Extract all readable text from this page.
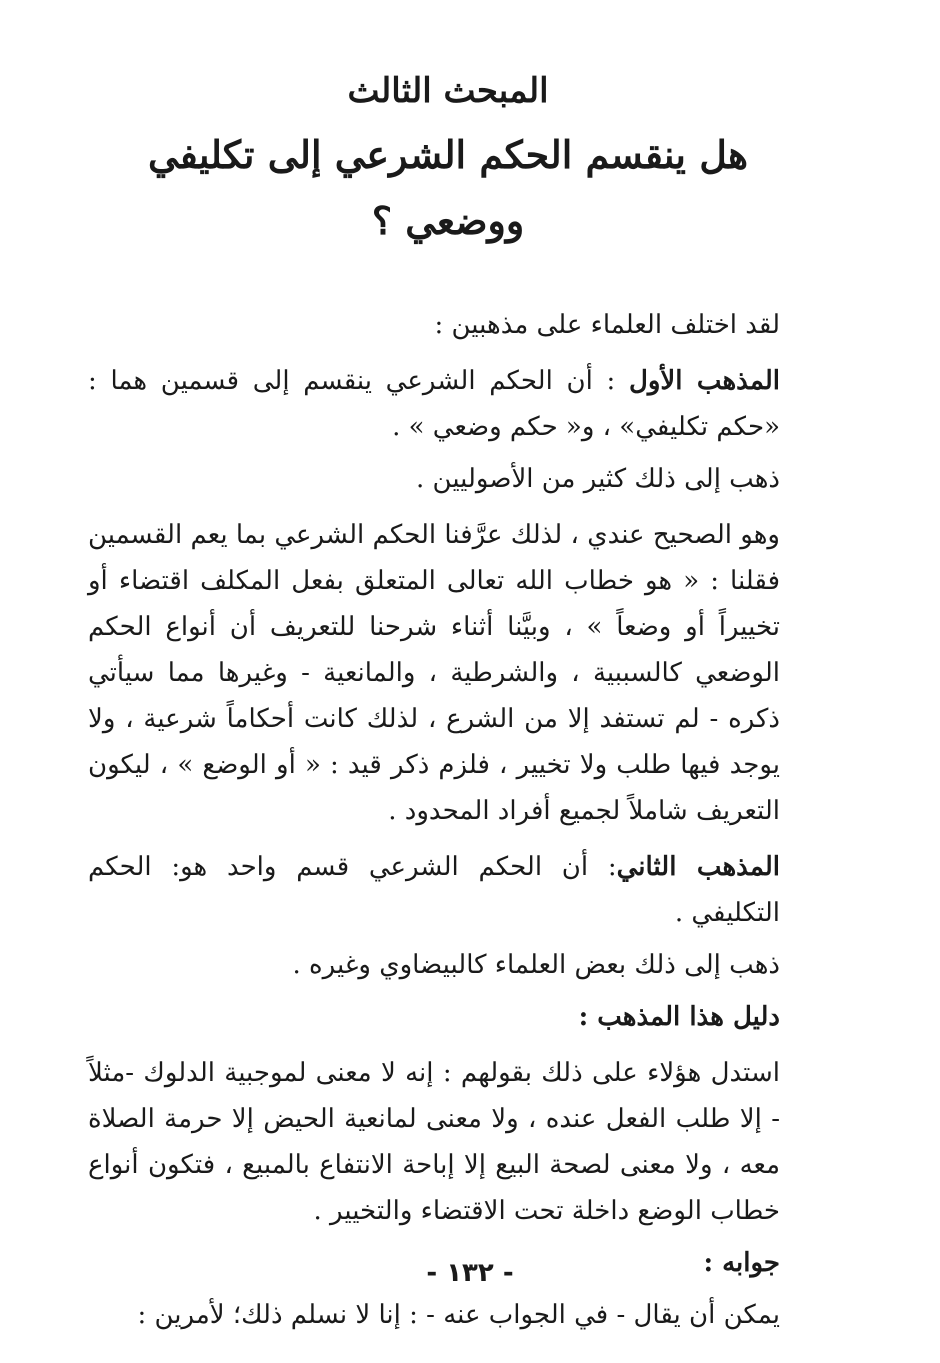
المبحث الثالث
هل ينقسم الحكم الشرعي إلى تكليفي ووضعي ؟

لقد اختلف العلماء على مذهبين :

المذهب الأول : أن الحكم الشرعي ينقسم إلى قسمين هما : «حكم تكليفي» ، و« حكم وضعي » .

ذهب إلى ذلك كثير من الأصوليين .

وهو الصحيح عندي ، لذلك عرَّفنا الحكم الشرعي بما يعم القسمين فقلنا : « هو خطاب الله تعالى المتعلق بفعل المكلف اقتضاء أو تخييراً أو وضعاً » ، وبيَّنا أثناء شرحنا للتعريف أن أنواع الحكم الوضعي كالسببية ، والشرطية ، والمانعية - وغيرها مما سيأتي ذكره - لم تستفد إلا من الشرع ، لذلك كانت أحكاماً شرعية ، ولا يوجد فيها طلب ولا تخيير ، فلزم ذكر قيد : « أو الوضع » ، ليكون التعريف شاملاً لجميع أفراد المحدود .

المذهب الثاني: أن الحكم الشرعي قسم واحد هو: الحكم التكليفي .

ذهب إلى ذلك بعض العلماء كالبيضاوي وغيره .

دليل هذا المذهب :

استدل هؤلاء على ذلك بقولهم : إنه لا معنى لموجبية الدلوك -مثلاً - إلا طلب الفعل عنده ، ولا معنى لمانعية الحيض إلا حرمة الصلاة معه ، ولا معنى لصحة البيع إلا إباحة الانتفاع بالمبيع ، فتكون أنواع خطاب الوضع داخلة تحت الاقتضاء والتخيير .

جوابه :

يمكن أن يقال - في الجواب عنه - : إنا لا نسلم ذلك؛ لأمرين :

- ١٣٢ -
